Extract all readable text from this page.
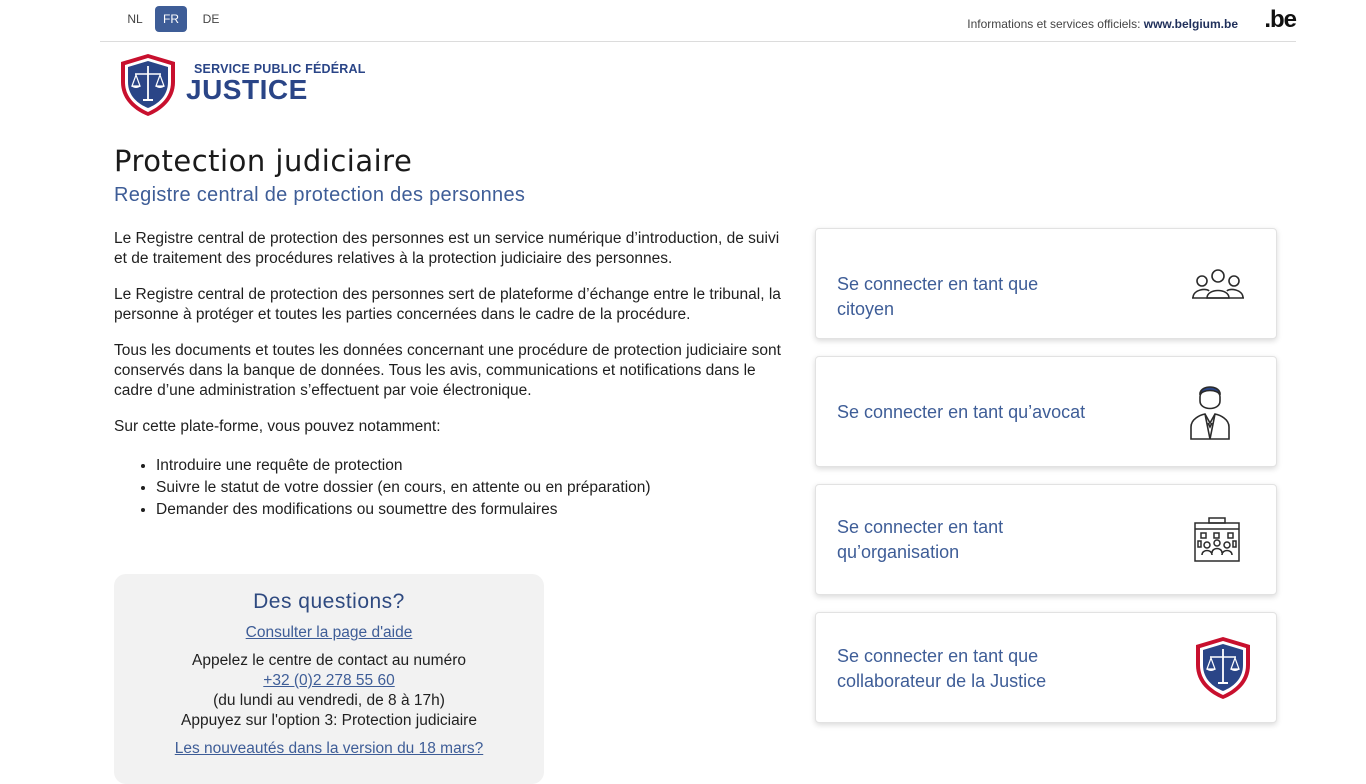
NL	FR	DE	Informations et services officiels: www.belgium.be .be
SERVICE PUBLIC FÉDÉRAL
JUSTICE
Protection judiciaire
Registre central de protection des personnes

Le Registre central de protection des personnes est un service numérique d’introduction, de suivi et de traitement des procédures relatives à la protection judiciaire des personnes.

Le Registre central de protection des personnes sert de plateforme d’échange entre le tribunal, la personne à protéger et toutes les parties concernées dans le cadre de la procédure.

Tous les documents et toutes les données concernant une procédure de protection judiciaire sont conservés dans la banque de données. Tous les avis, communications et notifications dans le cadre d’une administration s’effectuent par voie électronique.

Sur cette plate-forme, vous pouvez notamment:

• Introduire une requête de protection
• Suivre le statut de votre dossier (en cours, en attente ou en préparation)
• Demander des modifications ou soumettre des formulaires
Des questions?
Consulter la page d'aide
Appelez le centre de contact au numéro
+32 (0)2 278 55 60
(du lundi au vendredi, de 8 à 17h)
Appuyez sur l'option 3: Protection judiciaire
Les nouveautés dans la version du 18 mars?
Se connecter en tant que citoyen
Se connecter en tant qu’avocat
Se connecter en tant qu’organisation
Se connecter en tant que collaborateur de la Justice
